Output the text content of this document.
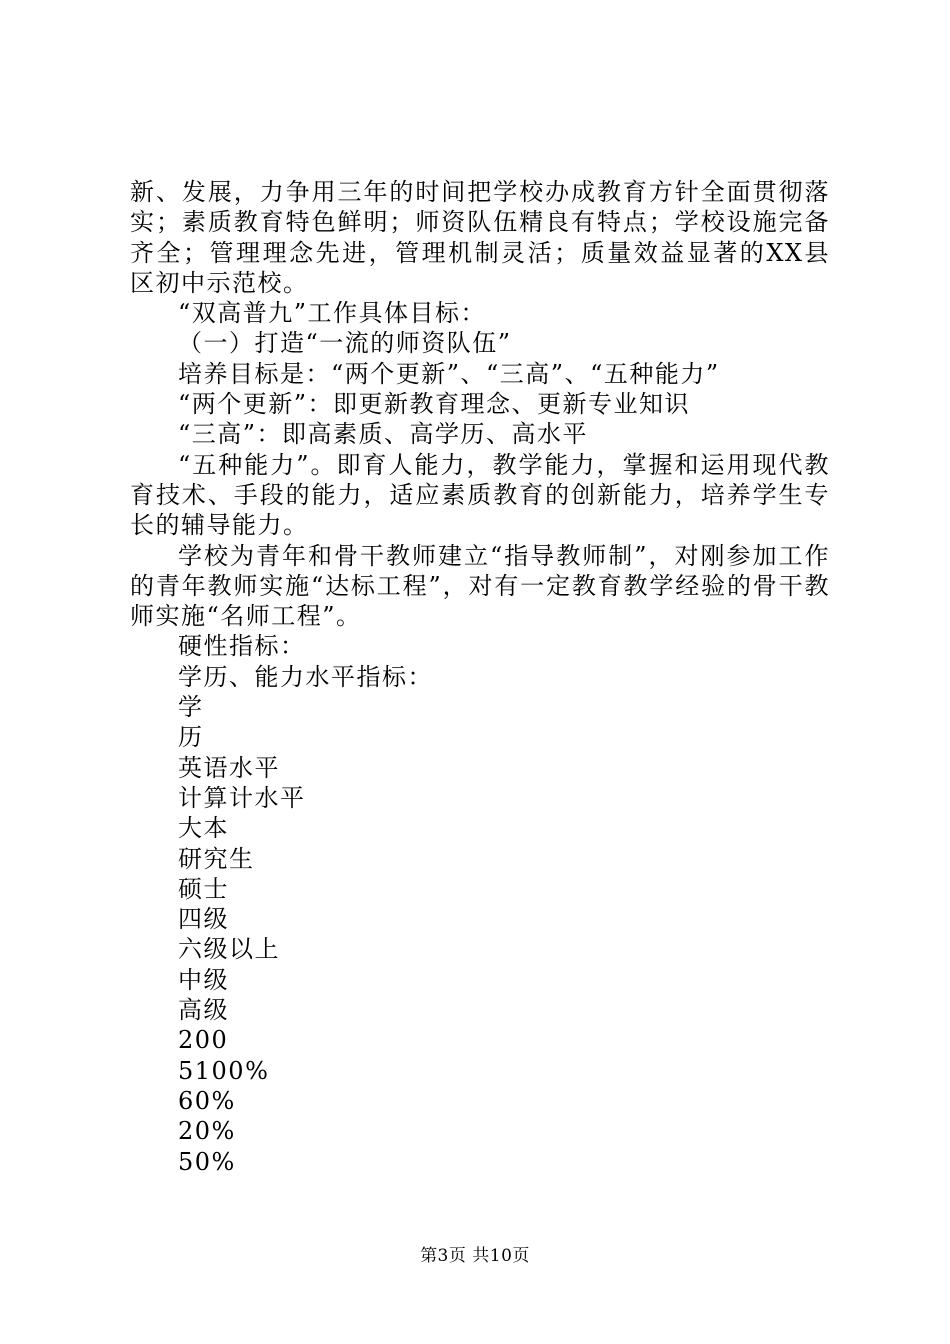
新、发展，力争用三年的时间把学校办成教育方针全面贯彻落实；素质教育特色鲜明；师资队伍精良有特点；学校设施完备齐全；管理理念先进，管理机制灵活；质量效益显著的XX县区初中示范校。

“双高普九”工作具体目标：

（一）打造“一流的师资队伍”

培养目标是：“两个更新”、“三高”、“五种能力”

“两个更新”：即更新教育理念、更新专业知识

“三高”：即高素质、高学历、高水平

“五种能力”。即育人能力，教学能力，掌握和运用现代教育技术、手段的能力，适应素质教育的创新能力，培养学生专长的辅导能力。

学校为青年和骨干教师建立“指导教师制”，对刚参加工作的青年教师实施“达标工程”，对有一定教育教学经验的骨干教师实施“名师工程”。

硬性指标：

学历、能力水平指标：

学

历

英语水平

计算计水平

大本

研究生

硕士

四级

六级以上

中级

高级

200

5100%

60%

20%

50%

第3页 共10页
